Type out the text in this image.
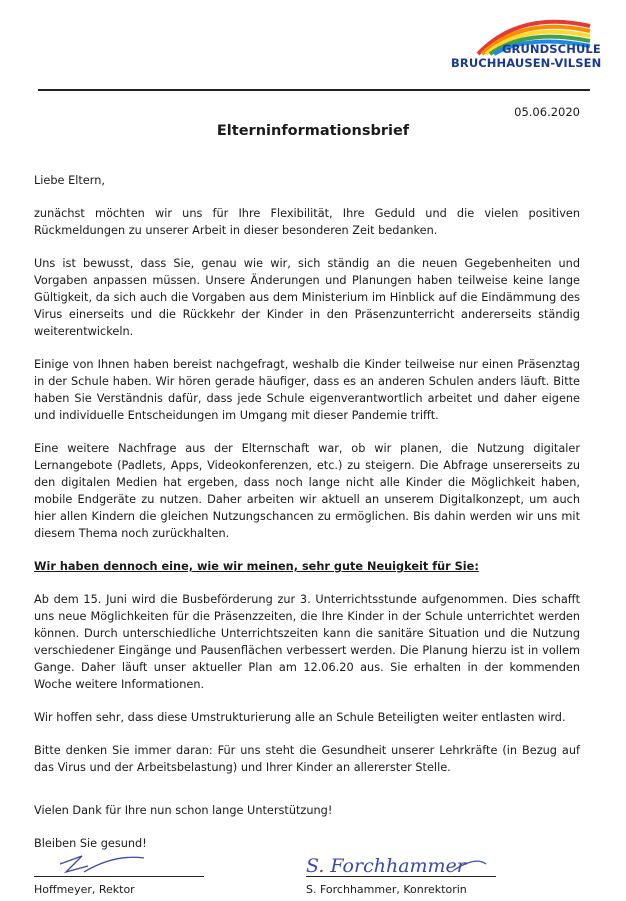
GRUNDSCHULE
BRUCHHAUSEN-VILSEN
05.06.2020
Elterninformationsbrief

Liebe Eltern,

zunächst möchten wir uns für Ihre Flexibilität, Ihre Geduld und die vielen positiven Rückmeldungen zu unserer Arbeit in dieser besonderen Zeit bedanken.

Uns ist bewusst, dass Sie, genau wie wir, sich ständig an die neuen Gegebenheiten und Vorgaben anpassen müssen. Unsere Änderungen und Planungen haben teilweise keine lange Gültigkeit, da sich auch die Vorgaben aus dem Ministerium im Hinblick auf die Eindämmung des Virus einerseits und die Rückkehr der Kinder in den Präsenzunterricht andererseits ständig weiterentwickeln.

Einige von Ihnen haben bereist nachgefragt, weshalb die Kinder teilweise nur einen Präsenztag in der Schule haben. Wir hören gerade häufiger, dass es an anderen Schulen anders läuft. Bitte haben Sie Verständnis dafür, dass jede Schule eigenverantwortlich arbeitet und daher eigene und individuelle Entscheidungen im Umgang mit dieser Pandemie trifft.

Eine weitere Nachfrage aus der Elternschaft war, ob wir planen, die Nutzung digitaler Lernangebote (Padlets, Apps, Videokonferenzen, etc.) zu steigern. Die Abfrage unsererseits zu den digitalen Medien hat ergeben, dass noch lange nicht alle Kinder die Möglichkeit haben, mobile Endgeräte zu nutzen. Daher arbeiten wir aktuell an unserem Digitalkonzept, um auch hier allen Kindern die gleichen Nutzungschancen zu ermöglichen. Bis dahin werden wir uns mit diesem Thema noch zurückhalten.

Wir haben dennoch eine, wie wir meinen, sehr gute Neuigkeit für Sie:

Ab dem 15. Juni wird die Busbeförderung zur 3. Unterrichtsstunde aufgenommen. Dies schafft uns neue Möglichkeiten für die Präsenzzeiten, die Ihre Kinder in der Schule unterrichtet werden können. Durch unterschiedliche Unterrichtszeiten kann die sanitäre Situation und die Nutzung verschiedener Eingänge und Pausenflächen verbessert werden. Die Planung hierzu ist in vollem Gange. Daher läuft unser aktueller Plan am 12.06.20 aus. Sie erhalten in der kommenden Woche weitere Informationen.

Wir hoffen sehr, dass diese Umstrukturierung alle an Schule Beteiligten weiter entlasten wird.

Bitte denken Sie immer daran: Für uns steht die Gesundheit unserer Lehrkräfte (in Bezug auf das Virus und der Arbeitsbelastung) und Ihrer Kinder an allererster Stelle.

Vielen Dank für Ihre nun schon lange Unterstützung!

Bleiben Sie gesund!

Hoffmeyer, Rektor
S. Forchhammer
S. Forchhammer, Konrektorin
